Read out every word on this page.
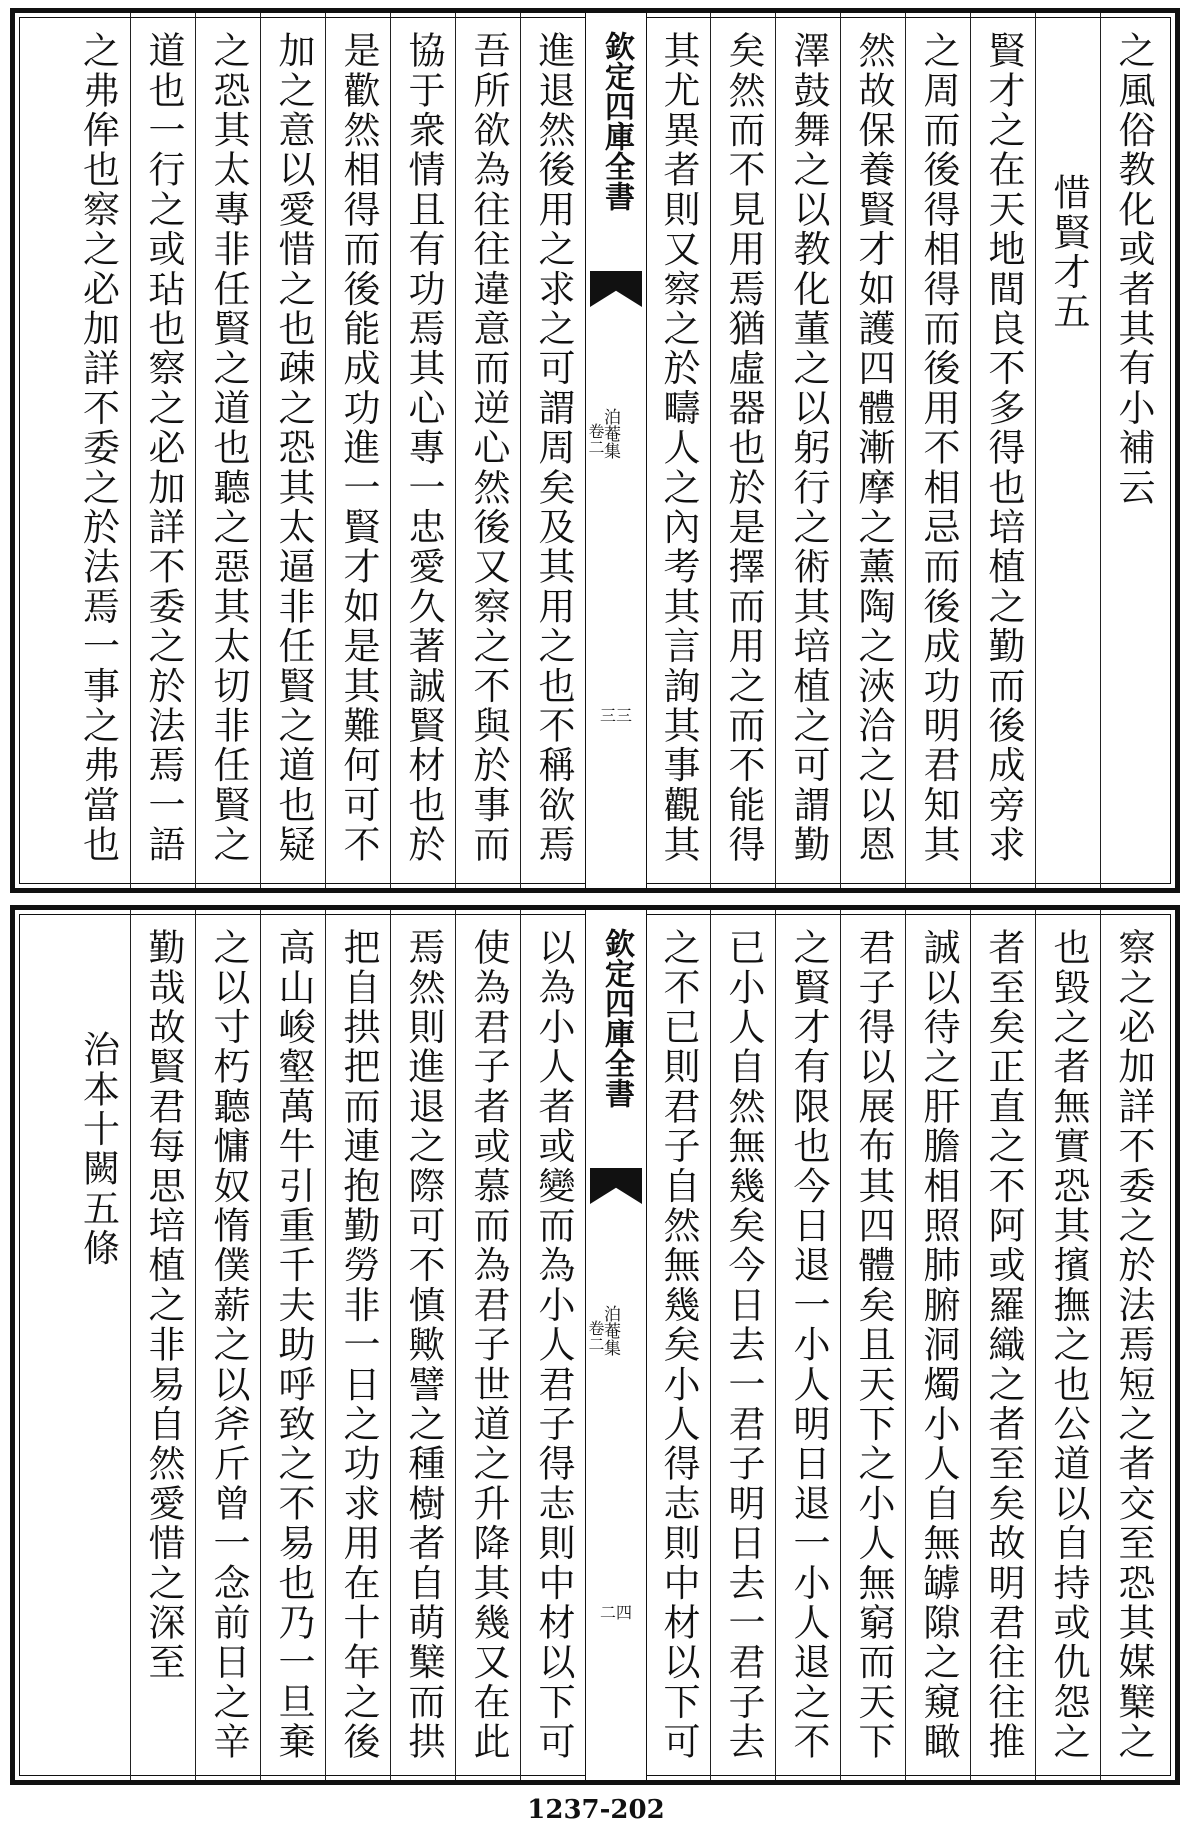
之風俗教化或者其有小補云
惜賢才五
賢才之在天地間良不多得也培植之勤而後成旁求
之周而後得相得而後用不相忌而後成功明君知其
然故保養賢才如護四體漸摩之薰陶之浹洽之以恩
澤鼓舞之以教化董之以躬行之術其培植之可謂勤
矣然而不見用焉猶虛器也於是擇而用之而不能得
其尤異者則又察之於疇人之內考其言詢其事觀其
欽定四庫全書
泊菴集
卷二
三三
進退然後用之求之可謂周矣及其用之也不稱欲焉
吾所欲為往往違意而逆心然後又察之不與於事而
協于衆情且有功焉其心專一忠愛久著誠賢材也於
是歡然相得而後能成功進一賢才如是其難何可不
加之意以愛惜之也疎之恐其太逼非任賢之道也疑
之恐其太專非任賢之道也聽之惡其太切非任賢之
道也一行之或玷也察之必加詳不委之於法焉一語
之弗侔也察之必加詳不委之於法焉一事之弗當也
察之必加詳不委之於法焉短之者交至恐其媒櫱之
也毀之者無實恐其擯撫之也公道以自持或仇怨之
者至矣正直之不阿或羅織之者至矣故明君往往推
誠以待之肝膽相照肺腑洞燭小人自無罅隙之窺瞰
君子得以展布其四體矣且天下之小人無窮而天下
之賢才有限也今日退一小人明日退一小人退之不
已小人自然無幾矣今日去一君子明日去一君子去
之不已則君子自然無幾矣小人得志則中材以下可
欽定四庫全書
泊菴集
卷二
二四
以為小人者或變而為小人君子得志則中材以下可
使為君子者或慕而為君子世道之升降其幾又在此
焉然則進退之際可不慎歟譬之種樹者自萌櫱而拱
把自拱把而連抱勤勞非一日之功求用在十年之後
高山峻壑萬牛引重千夫助呼致之不易也乃一旦棄
之以寸朽聽慵奴惰僕薪之以斧斤曾一念前日之辛
勤哉故賢君每思培植之非易自然愛惜之深至
治本十闕五條
1237-202
